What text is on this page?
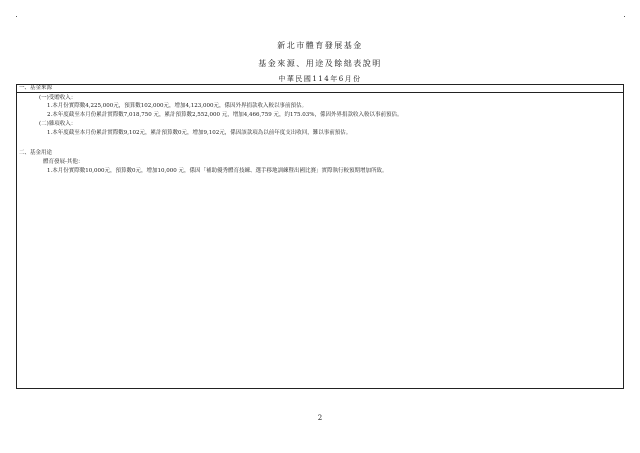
新北市體育發展基金
基金來源、用途及餘絀表說明
中華民國114年6月份
一、基金來源
(一)受贈收入：
1.本月份實際數4,225,000元，預算數102,000元，增加4,123,000元，係因外界捐款收入較以事前預估。
2.本年度截至本月份累計實際數7,018,750 元，累計預算數2,552,000 元，增加4,466,759 元，約175.03%，係因外界捐款收入較以事前預估。
(二)雜項收入：
1.本年度截至本月份累計實際數9,102元，累計預算數0元，增加9,102元，係因該款項為以前年度支出收回，難以事前預估。
二、基金用途
體育發展-其他：
1.本月份實際數10,000元，預算數0元，增加10,000 元，係因「補助優秀體育技練、選手移地訓練暨出國比賽」實際執行較預期增加所致。
2
